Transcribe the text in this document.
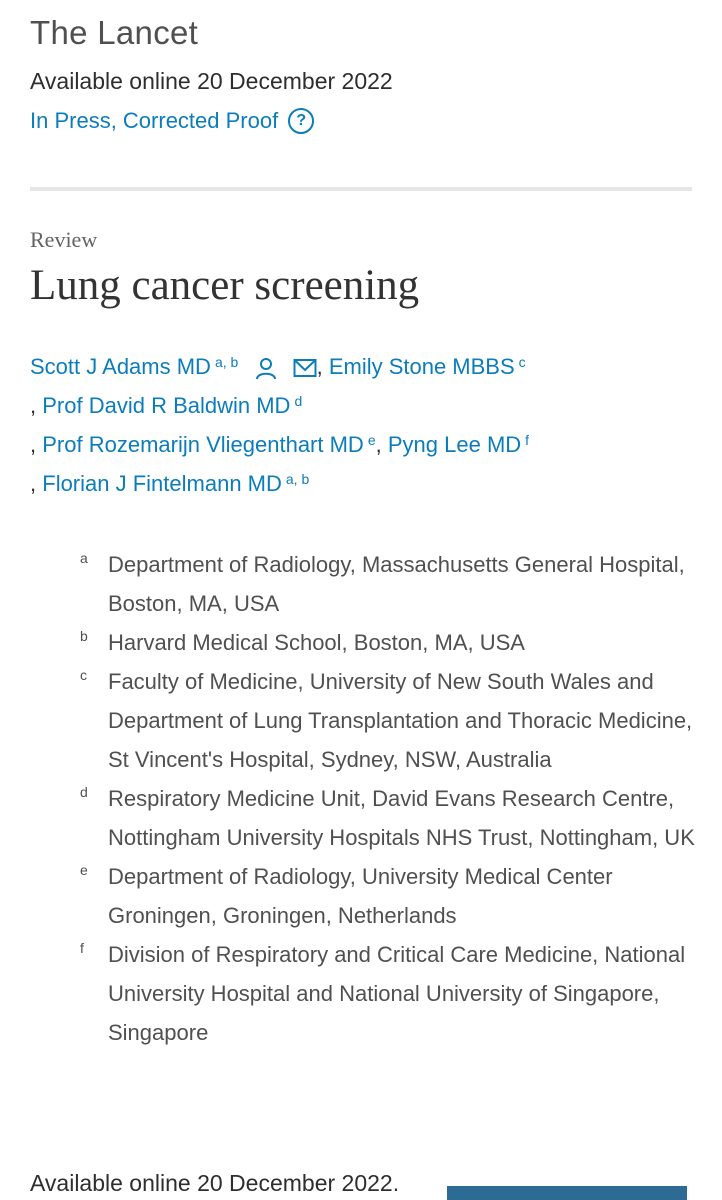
The Lancet
Available online 20 December 2022
In Press, Corrected Proof	?
Review
Lung cancer screening
Scott J Adams MD $^{a, b}$	, Emily Stone MBBS $^c$
, Prof David R Baldwin MD $^d$
, Prof Rozemarijn Vliegenthart MD $^e$, Pyng Lee MD $^f$
, Florian J Fintelmann MD $^{a, b}$
a Department of Radiology, Massachusetts General Hospital, Boston, MA, USA
b Harvard Medical School, Boston, MA, USA
c Faculty of Medicine, University of New South Wales and Department of Lung Transplantation and Thoracic Medicine, St Vincent's Hospital, Sydney, NSW, Australia
d Respiratory Medicine Unit, David Evans Research Centre, Nottingham University Hospitals NHS Trust, Nottingham, UK
e Department of Radiology, University Medical Center Groningen, Groningen, Netherlands
f Division of Respiratory and Critical Care Medicine, National University Hospital and National University of Singapore, Singapore
Available online 20 December 2022.
